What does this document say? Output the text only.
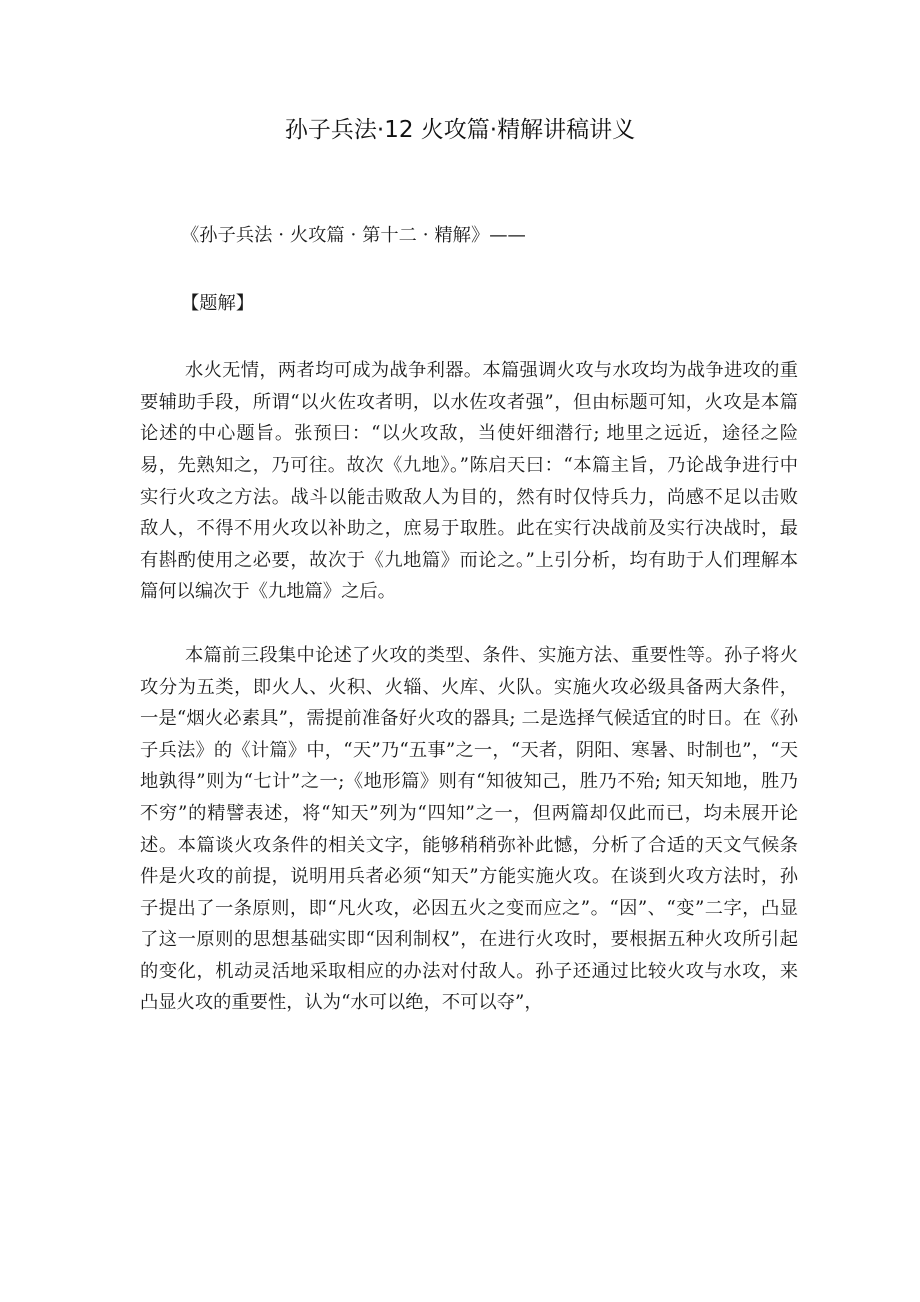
孙子兵法·12 火攻篇·精解讲稿讲义

《孙子兵法 · 火攻篇 · 第十二 · 精解》——

【题解】

水火无情，两者均可成为战争利器。本篇强调火攻与水攻均为战争进攻的重要辅助手段，所谓“以火佐攻者明，以水佐攻者强”，但由标题可知，火攻是本篇论述的中心题旨。张预曰：“以火攻敌，当使奸细潜行; 地里之远近，途径之险易，先熟知之，乃可往。故次《九地》。”陈启天曰：“本篇主旨，乃论战争进行中实行火攻之方法。战斗以能击败敌人为目的，然有时仅恃兵力，尚感不足以击败敌人，不得不用火攻以补助之，庶易于取胜。此在实行决战前及实行决战时，最有斟酌使用之必要，故次于《九地篇》而论之。”上引分析，均有助于人们理解本篇何以编次于《九地篇》之后。

本篇前三段集中论述了火攻的类型、条件、实施方法、重要性等。孙子将火攻分为五类，即火人、火积、火辎、火库、火队。实施火攻必级具备两大条件，一是“烟火必素具”，需提前准备好火攻的器具; 二是选择气候适宜的时日。在《孙子兵法》的《计篇》中，“天”乃“五事”之一，“天者，阴阳、寒暑、时制也”，“天地孰得”则为“七计”之一;《地形篇》则有“知彼知己，胜乃不殆; 知天知地，胜乃不穷”的精譬表述，将“知天”列为“四知”之一，但两篇却仅此而已，均未展开论述。本篇谈火攻条件的相关文字，能够稍稍弥补此憾，分析了合适的天文气候条件是火攻的前提，说明用兵者必须“知天”方能实施火攻。在谈到火攻方法时，孙子提出了一条原则，即“凡火攻，必因五火之变而应之”。“因”、“变”二字，凸显了这一原则的思想基础实即“因利制权”，在进行火攻时，要根据五种火攻所引起的变化，机动灵活地采取相应的办法对付敌人。孙子还通过比较火攻与水攻，来凸显火攻的重要性，认为“水可以绝，不可以夺”，
